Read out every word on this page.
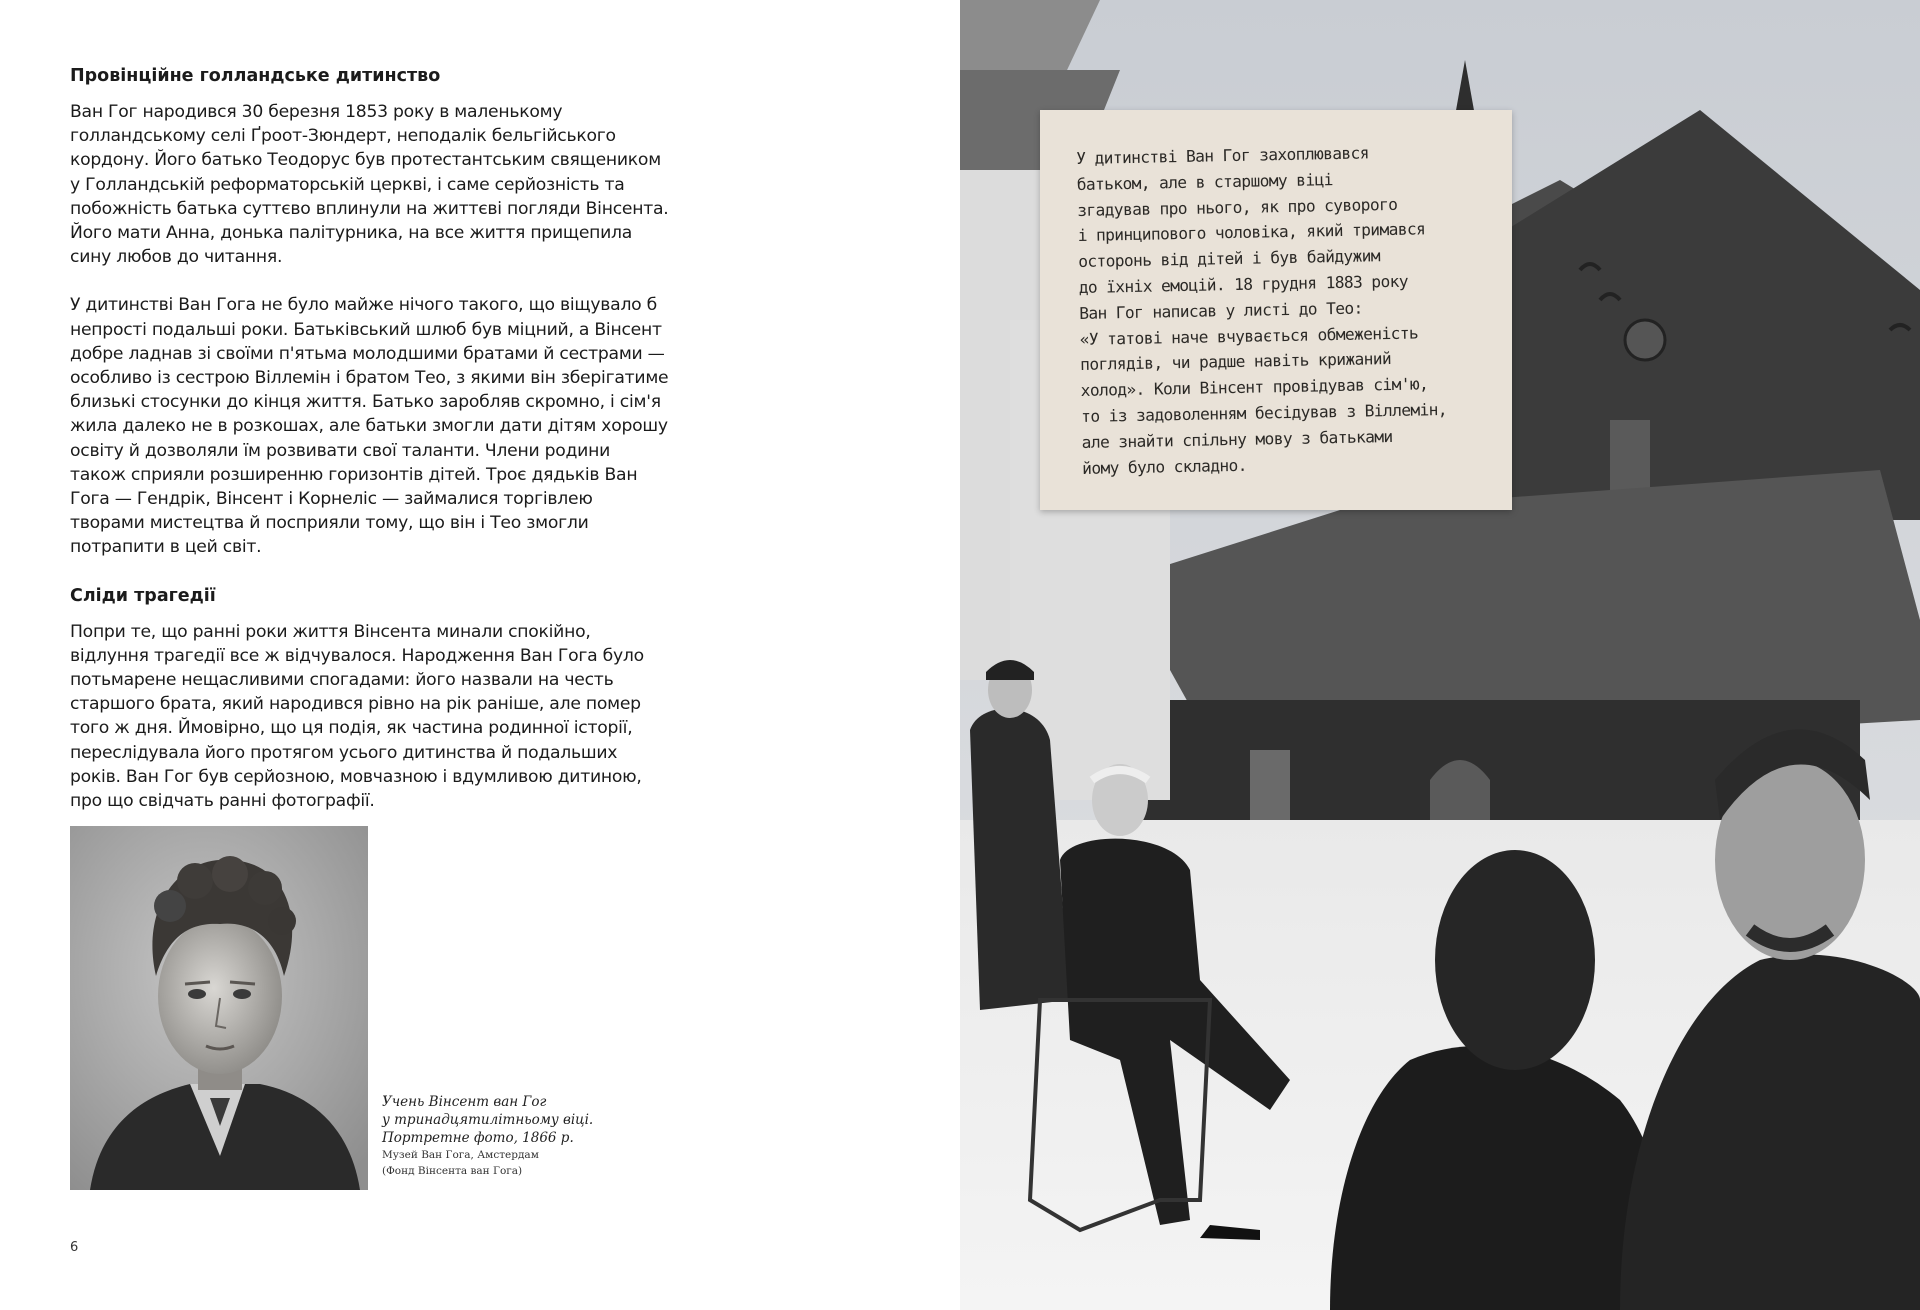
Провінційне голландське дитинство

Ван Гог народився 30 березня 1853 року в маленькому голландському селі Ґроот-Зюндерт, неподалік бельгійського кордону. Його батько Теодорус був протестантським священиком у Голландській реформаторській церкві, і саме серйозність та побожність батька суттєво вплинули на життєві погляди Вінсента. Його мати Анна, донька палітурника, на все життя прищепила сину любов до читання.

У дитинстві Ван Гога не було майже нічого такого, що віщувало б непрості подальші роки. Батьківський шлюб був міцний, а Вінсент добре ладнав зі своїми п'ятьма молодшими братами й сестрами — особливо із сестрою Віллемін і братом Тео, з якими він зберігатиме близькі стосунки до кінця життя. Батько заробляв скромно, і сім'я жила далеко не в розкошах, але батьки змогли дати дітям хорошу освіту й дозволяли їм розвивати свої таланти. Члени родини також сприяли розширенню горизонтів дітей. Троє дядьків Ван Гога — Гендрік, Вінсент і Корнеліс — займалися торгівлею творами мистецтва й посприяли тому, що він і Тео змогли потрапити в цей світ.

Сліди трагедії

Попри те, що ранні роки життя Вінсента минали спокійно, відлуння трагедії все ж відчувалося. Народження Ван Гога було потьмарене нещасливими спогадами: його назвали на честь старшого брата, який народився рівно на рік раніше, але помер того ж дня. Ймовірно, що ця подія, як частина родинної історії, переслідувала його протягом усього дитинства й подальших років. Ван Гог був серйозною, мовчазною і вдумливою дитиною, про що свідчать ранні фотографії.

Учень Вінсент ван Гог

у тринадцятилітньому віці.

Портретне фото, 1866 р.

Музей Ван Гога, Амстердам

(Фонд Вінсента ван Гога)

6

У дитинстві Ван Гог захоплювався
батьком, але в старшому віці
згадував про нього, як про суворого
і принципового чоловіка, який тримався
осторонь від дітей і був байдужим
до їхніх емоцій. 18 грудня 1883 року
Ван Гог написав у листі до Тео:
«У татові наче вчувається обмеженість
поглядів, чи радше навіть крижаний
холод». Коли Вінсент провідував сім'ю,
то із задоволенням бесідував з Віллемін,
але знайти спільну мову з батьками
йому було складно.
